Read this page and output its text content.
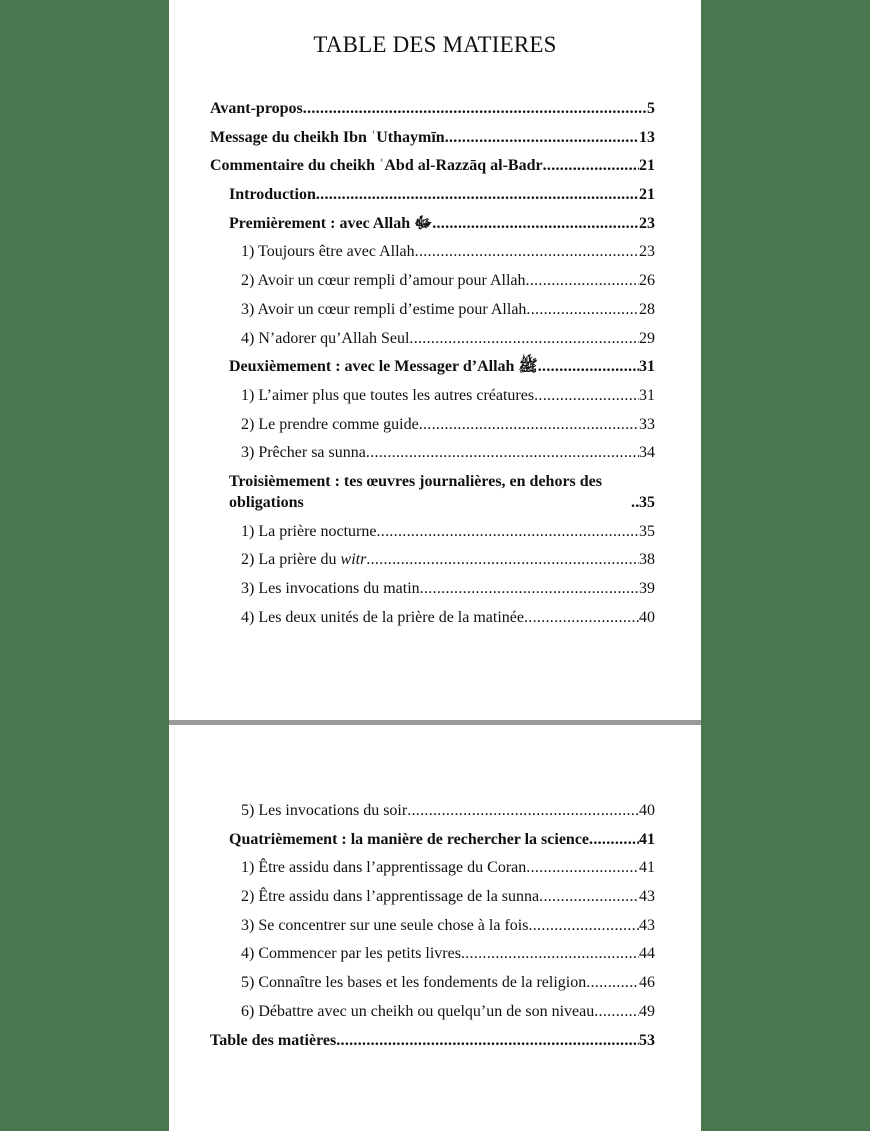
TABLE DES MATIERES
Avant-propos .....	5
Message du cheikh Ibn ʿUthaymīn .....	13
Commentaire du cheikh ʿAbd al-Razzāq al-Badr .....	21
Introduction .....	21
Premièrement : avec Allah ﷻ .....	23
1) Toujours être avec Allah .....	23
2) Avoir un cœur rempli d’amour pour Allah .....	26
3) Avoir un cœur rempli d’estime pour Allah .....	28
4) N’adorer qu’Allah Seul .....	29
Deuxièmement : avec le Messager d’Allah ﷺ .....	31
1) L’aimer plus que toutes les autres créatures .....	31
2) Le prendre comme guide .....	33
3) Prêcher sa sunna .....	34
Troisièmement : tes œuvres journalières, en dehors des obligations .....	35
1) La prière nocturne .....	35
2) La prière du witr .....	38
3) Les invocations du matin .....	39
4) Les deux unités de la prière de la matinée .....	40
5) Les invocations du soir .....	40
Quatrièmement : la manière de rechercher la science .....	41
1) Être assidu dans l’apprentissage du Coran .....	41
2) Être assidu dans l’apprentissage de la sunna .....	43
3) Se concentrer sur une seule chose à la fois .....	43
4) Commencer par les petits livres .....	44
5) Connaître les bases et les fondements de la religion .....	46
6) Débattre avec un cheikh ou quelqu’un de son niveau .....	49
Table des matières .....	53
